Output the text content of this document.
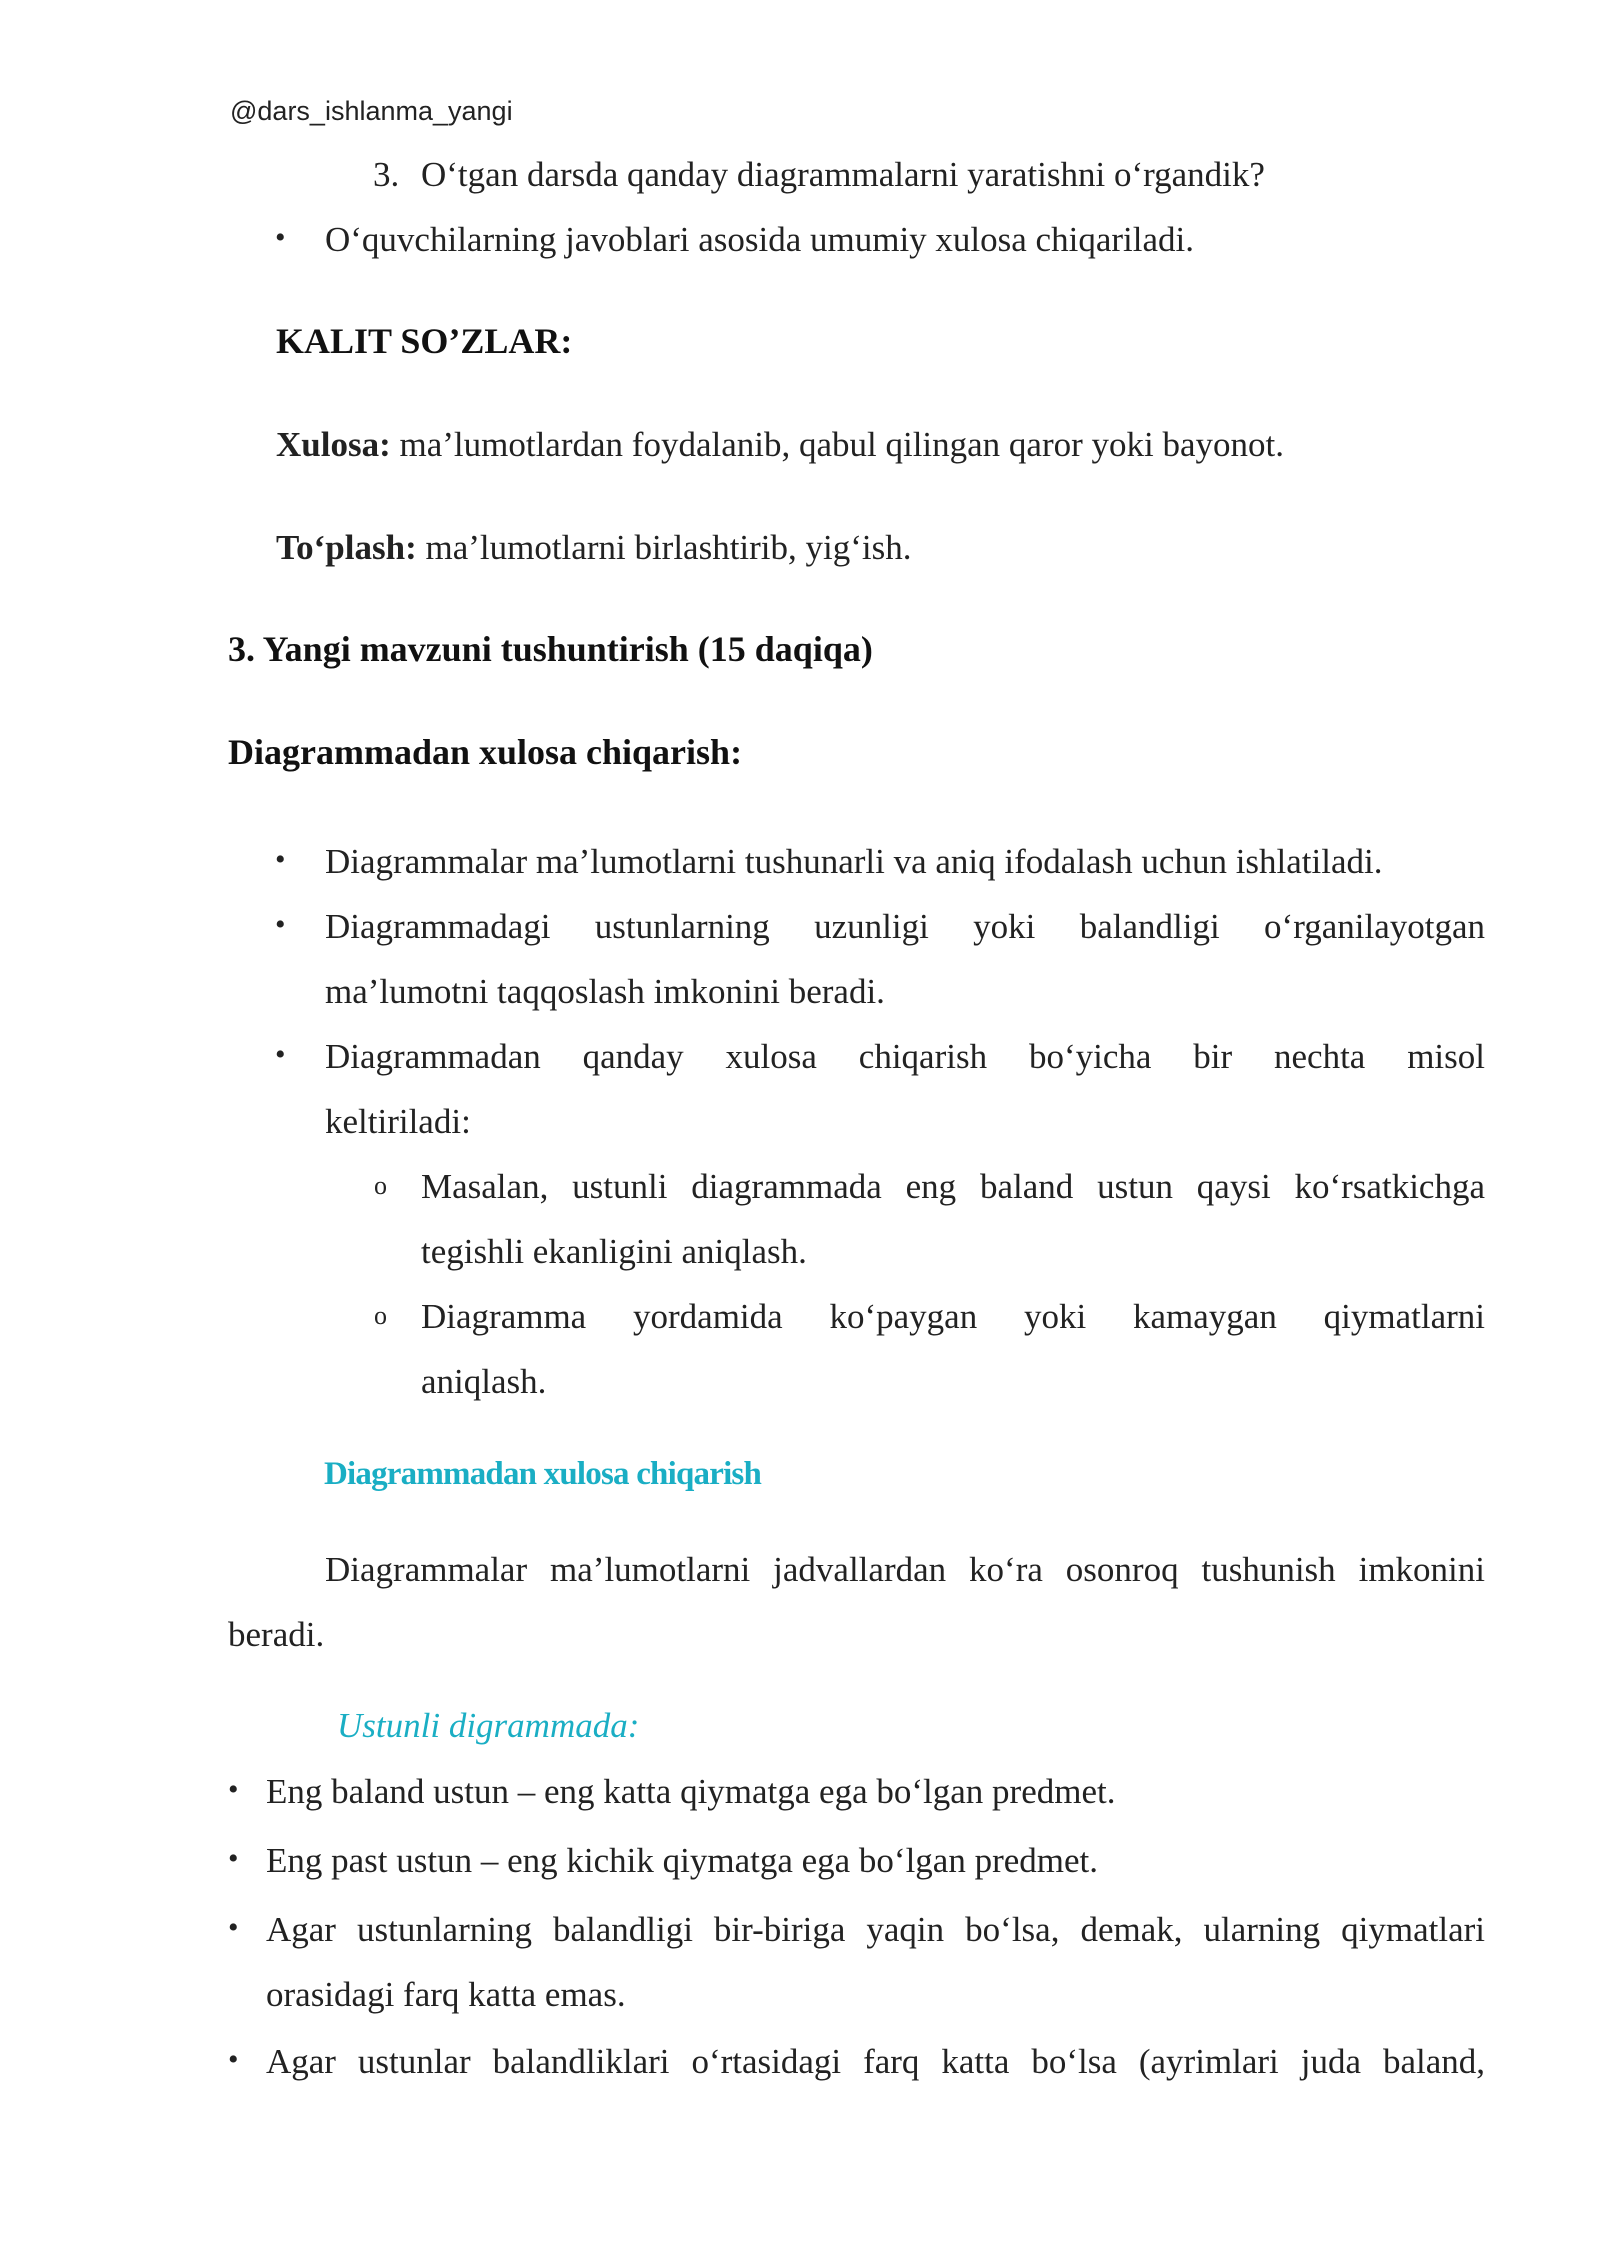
@dars_ishlanma_yangi
3. O‘tgan darsda qanday diagrammalarni yaratishni o‘rgandik?
• O‘quvchilarning javoblari asosida umumiy xulosa chiqariladi.
KALIT SO’ZLAR:
Xulosa: ma’lumotlardan foydalanib, qabul qilingan qaror yoki bayonot.
To‘plash: ma’lumotlarni birlashtirib, yig‘ish.
3. Yangi mavzuni tushuntirish (15 daqiqa)
Diagrammadan xulosa chiqarish:
• Diagrammalar ma’lumotlarni tushunarli va aniq ifodalash uchun ishlatiladi.
• Diagrammadagi ustunlarning uzunligi yoki balandligi o‘rganilayotgan
ma’lumotni taqqoslash imkonini beradi.
• Diagrammadan qanday xulosa chiqarish bo‘yicha bir nechta misol
keltiriladi:
o Masalan, ustunli diagrammada eng baland ustun qaysi ko‘rsatkichga
tegishli ekanligini aniqlash.
o Diagramma yordamida ko‘paygan yoki kamaygan qiymatlarni
aniqlash.
Diagrammadan xulosa chiqarish
Diagrammalar ma’lumotlarni jadvallardan ko‘ra osonroq tushunish imkonini
beradi.
Ustunli digrammada:
• Eng baland ustun – eng katta qiymatga ega bo‘lgan predmet.
• Eng past ustun – eng kichik qiymatga ega bo‘lgan predmet.
• Agar ustunlarning balandligi bir-biriga yaqin bo‘lsa, demak, ularning qiymatlari
orasidagi farq katta emas.
• Agar ustunlar balandliklari o‘rtasidagi farq katta bo‘lsa (ayrimlari juda baland,
